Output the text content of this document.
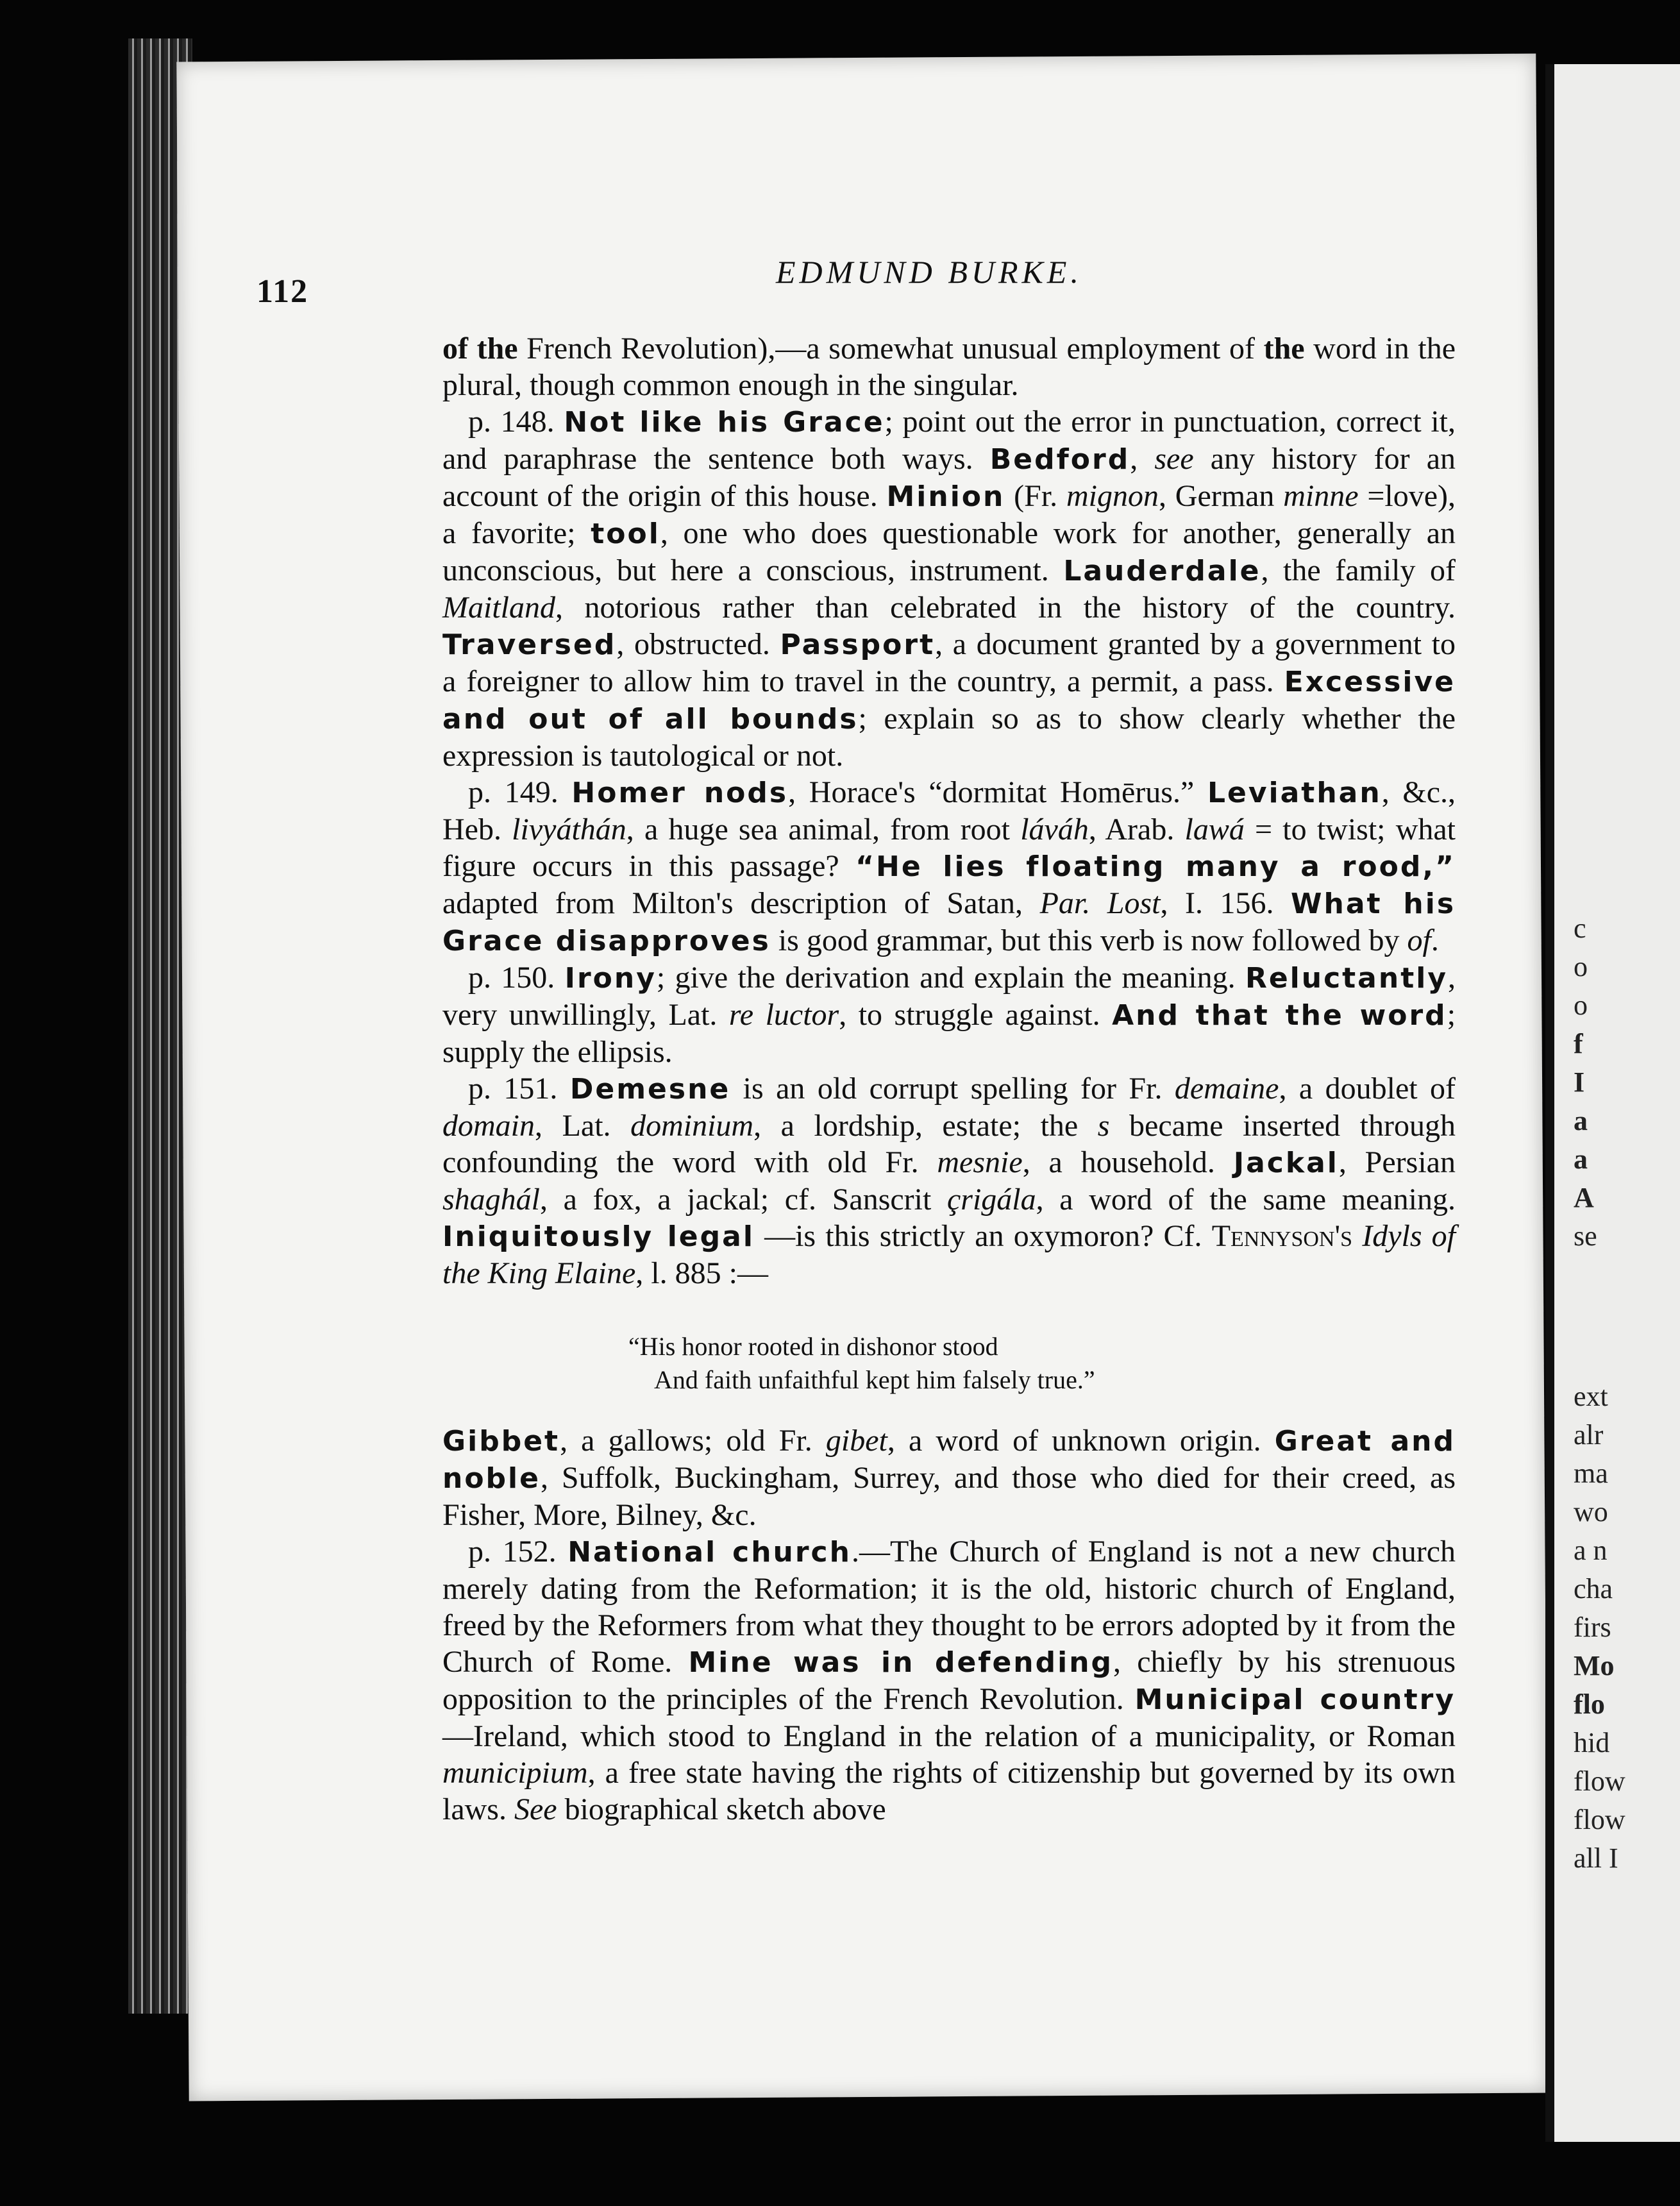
112
EDMUND BURKE.

of the French Revolution),—a somewhat unusual employment of the word in the plural, though common enough in the singular.

p. 148. Not like his Grace; point out the error in punctuation, correct it, and paraphrase the sentence both ways. Bedford, see any history for an account of the origin of this house. Minion (Fr. mignon, German minne =love), a favorite; tool, one who does questionable work for another, generally an unconscious, but here a conscious, instrument. Lauderdale, the family of Maitland, notorious rather than celebrated in the history of the country. Traversed, obstructed. Passport, a document granted by a government to a foreigner to allow him to travel in the country, a permit, a pass. Excessive and out of all bounds; explain so as to show clearly whether the expression is tautological or not.

p. 149. Homer nods, Horace's “dormitat Homērus.” Leviathan, &c., Heb. livyáthán, a huge sea animal, from root láváh, Arab. lawá = to twist; what figure occurs in this passage? “He lies floating many a rood,” adapted from Milton's description of Satan, Par. Lost, I. 156. What his Grace disapproves is good grammar, but this verb is now followed by of.

p. 150. Irony; give the derivation and explain the meaning. Reluctantly, very unwillingly, Lat. re luctor, to struggle against. And that the word; supply the ellipsis.

p. 151. Demesne is an old corrupt spelling for Fr. demaine, a doublet of domain, Lat. dominium, a lordship, estate; the s became inserted through confounding the word with old Fr. mesnie, a household. Jackal, Persian shaghál, a fox, a jackal; cf. Sanscrit çrigála, a word of the same meaning. Iniquitously legal —is this strictly an oxymoron? Cf. Tennyson's Idyls of the King Elaine, l. 885 :—

“His honor rooted in dishonor stood
And faith unfaithful kept him falsely true.”

Gibbet, a gallows; old Fr. gibet, a word of unknown origin. Great and noble, Suffolk, Buckingham, Surrey, and those who died for their creed, as Fisher, More, Bilney, &c.

p. 152. National church.—The Church of England is not a new church merely dating from the Reformation; it is the old, historic church of England, freed by the Reformers from what they thought to be errors adopted by it from the Church of Rome. Mine was in defending, chiefly by his strenuous opposition to the principles of the French Revolution. Municipal country—Ireland, which stood to England in the relation of a municipality, or Roman municipium, a free state having the rights of citizenship but governed by its own laws. See biographical sketch above

c
o
o
f
I
a
a
A
se
ext
alr
ma
wo
a n
cha
firs
Mo
flo
hid
flow
flow
all I
